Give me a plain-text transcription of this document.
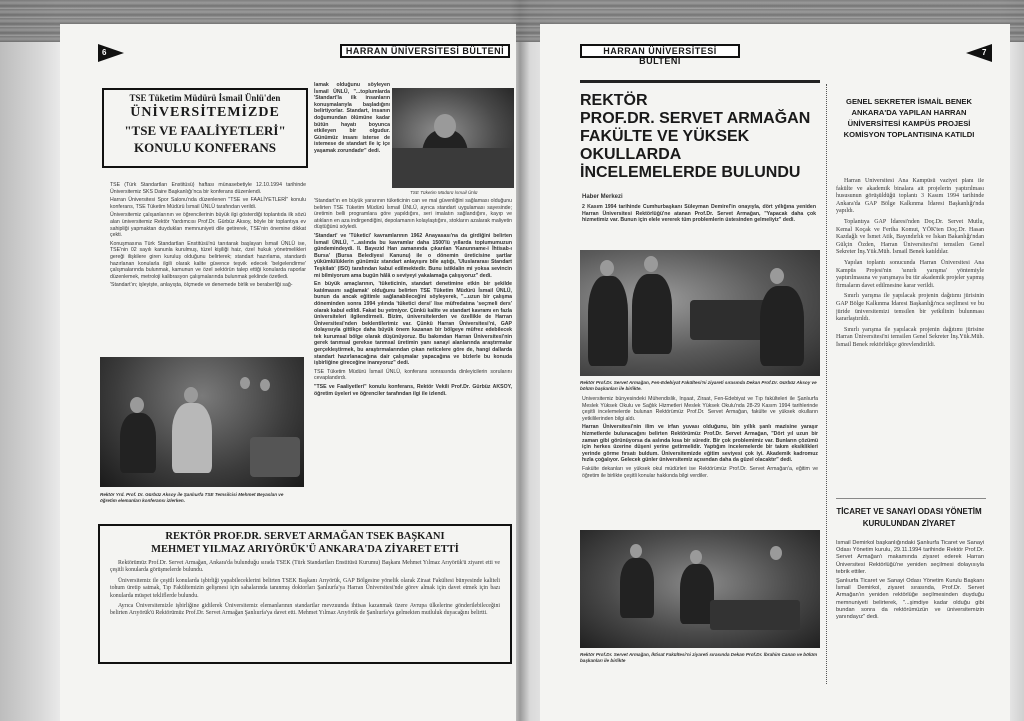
6	HARRAN ÜNİVERSİTESİ BÜLTENİ
TSE Tüketim Müdürü İsmail Ünlü'den
ÜNİVERSİTEMİZDE
"TSE VE FAALİYETLERİ"
KONULU KONFERANS

TSE (Türk Standartları Enstitüsü) haftası münasebetiyle 12.10.1994 tarihinde Üniversitemiz SKS Daire Başkanlığı'nca bir konferans düzenlendi.

Harran Üniversitesi Spor Salonu'nda düzenlenen "TSE ve FAALİYETLERİ" konulu konferans, TSE Tüketim Müdürü İsmail ÜNLÜ tarafından verildi.

Üniversitemiz çalışanlarının ve öğrencilerinin büyük ilgi gösterdiği toplantıda ilk sözü alan üniversitemiz Rektör Yardımcısı Prof.Dr. Gürbüz Aksoy, böyle bir toplantıya ev sahipliği yapmaktan duydukları memnuniyeti dile getirerek, TSE'nin önemine dikkat çekti.

Konuşmasına Türk Standartları Enstitüsü'nü tanıtarak başlayan İsmail ÜNLÜ ise, TSE'nin 02 sayılı kanunla kurulmuş, tüzel kişiliği haiz, özel hukuk yönetmelikleri gereği ilişkilere giren kuruluş olduğunu belirterek; standart hazırlama, standardı hazırlanan konularla ilgili olarak kalite güvence teşvik edecek 'belgelendirme' çalışmalarında bulunmak, kamunun ve özel sektörün talep ettiği konularda raporlar düzenlemek, metroloji kalibrasyon çalışmalarında bulunmak şeklinde özetledi.

'Standart'ın; işleyişte, anlayışta, ölçmede ve denemede birlik ve beraberliği sağ-

TSE Tüketim Müdürü İsmail Ünlü

lamak olduğunu söyleyen İsmail ÜNLÜ, "...toplumlarda 'Standart'la ilk insanların konuşmalarıyla başladığını belirtiyorlar. Standart, insanın doğumundan ölümüne kadar bütün hayatı boyunca etkileyen bir olgudur. Günümüz insanı isterse de istemese de standart ile iç içe yaşamak zorundadır" dedi.

'Standart'ın en büyük yararının tüketicinin can ve mal güvenliğini sağlaması olduğunu belirten TSE Tüketim Müdürü İsmail ÜNLÜ, ayrıca standart uygulaması sayesinde; üretimin belli programlara göre yapıldığını, seri imalatın sağlandığını, kayıp ve atıkların en aza indirgendiğini, depolamanın kolaylaştığını, stokların azalarak maliyetin düştüğünü söyledi.

'Standart' ve 'Tüketici' kavramlarının 1962 Anayasası'na da girdiğini belirten İsmail ÜNLÜ, "...aslında bu kavramlar daha 1500'lü yıllarda toplumumuzun gündemindeydi. II. Bayezid Han zamanında çıkarılan 'Kanunname-i İhtisab-ı Bursa' (Bursa Belediyesi Kanunu) ile o dönemin üreticisine şartlar yükümlülüklerin günümüz standart anlayışını bile aştığı, 'Uluslararası Standart Teşkilatı' (ISO) tarafından kabul edilmektedir. Bunu istiklalin mi yoksa sevincin mi bilmiyorum ama bugün hâlâ o seviyeyi yakalamağa çalışıyoruz" dedi.

En büyük amaçlarının, 'tüketicinin, standart denetimine etkin bir şekilde katılmasını sağlamak' olduğunu belirten TSE Tüketim Müdürü İsmail ÜNLÜ, bunun da ancak eğitimle sağlanabileceğini söyleyerek, "...uzun bir çalışma döneminden sonra 1994 yılında 'tüketici dersi' lise müfredatına 'seçmeli ders' olarak kabul edildi. Fakat bu yetmiyor. Çünkü kalite ve standart kavramı en fazla üniversiteleri ilgilendirmeli. Bizim, üniversitelerden ve özellikle de Harran Üniversitesi'nden beklentilerimiz var. Çünkü Harran Üniversitesi'ni, GAP dolayısıyla gittikçe daha büyük önem kazanan bir bölgeye müfrez edebilecek tek kurumsal bölge olarak düşünüyoruz. Bu bakımdan Harran Üniversitesi'nin gerek tarımsal gerekse tarımsal üretimin yanı sanayi alanlarında araştırmalar gerçekleştirmek, bu araştırmalarından çıkan neticelere göre de, hangi dallarda standart hazırlanacağına dair çalışmalar yapacağına ve bizlerle bu konuda işbirliğine gireceğine inanıyoruz" dedi.

TSE Tüketim Müdürü İsmail ÜNLÜ, konferans sonrasında dinleyicilerin sorularını cevaplandırdı.

"TSE ve Faaliyetleri" konulu konferans, Rektör Vekili Prof.Dr. Gürbüz AKSOY, öğretim üyeleri ve öğrenciler tarafından ilgi ile izlendi.

Rektör Yrd. Prof. Dr. Gürbüz Aksoy ile Şanlıurfa TSE Temsilcisi Mehmet Beyaslan ve öğretim elemanları konferansı izlerken.
REKTÖR PROF.DR. SERVET ARMAĞAN TSEK BAŞKANI
MEHMET YILMAZ ARIYÖRÜK'Ü ANKARA'DA ZİYARET ETTİ

Rektörümüz Prof.Dr. Servet Armağan, Ankara'da bulunduğu sırada TSEK (Türk Standartları Enstitüsü Kurumu) Başkanı Mehmet Yılmaz Arıyörük'ü ziyaret etti ve çeşitli konularda görüşmelerde bulundu.

Üniversitemiz ile çeşitli konularda işbirliği yapabileceklerini belirten TSEK Başkanı Arıyörük, GAP Bölgesine yönelik olarak Ziraat Fakültesi bünyesinde kaliteli tohum üretip satmak, Tıp Fakültemizin gelişmesi için sahalarında tanınmış doktorları Şanlıurfa'ya Harran Üniversitesi'nde görev almak için davet etmek için bazı konularda müspet tekliflerde bulundu.

Ayrıca Üniversitemizle işbirliğine gidilerek Üniversitemiz elemanlarının standartlar mevzuunda ihtisas kazanmak üzere Avrupa ülkelerine gönderilebileceğini belirten Arıyörük'ü Rektörümüz Prof.Dr. Servet Armağan Şanlıurfa'ya davet etti. Mehmet Yılmaz Arıyörük de Şanlıurfa'ya gelmekten mutluluk duyacağını belirtti.

HARRAN ÜNİVERSİTESİ BÜLTENİ
7
REKTÖR
PROF.DR. SERVET ARMAĞAN
FAKÜLTE VE YÜKSEK
OKULLARDA
İNCELEMELERDE BULUNDU
Haber Merkezi
2 Kasım 1994 tarihinde Cumhurbaşkanı Süleyman Demirel'in onayıyla, dört yıllığına yeniden Harran Üniversitesi Rektörlüğü'ne atanan Prof.Dr. Servet Armağan, "Yapacak daha çok hizmetimiz var. Bunun için elele vererek tüm problemlerin üstesinden gelmeliyiz" dedi.
Rektör Prof.Dr. Servet Armağan, Fen-Edebiyat Fakültesi'ni ziyareti sırasında Dekan Prof.Dr. Gürbüz Aksoy ve bölüm başkanları ile birlikte.

Üniversitemiz bünyesindeki Mühendislik, İnşaat, Ziraat, Fen-Edebiyat ve Tıp fakülteleri ile Şanlıurfa Meslek Yüksek Okulu ve Sağlık Hizmetleri Meslek Yüksek Okulu'nda 28-29 Kasım 1994 tarihlerinde çeşitli incelemelerde bulunan Rektörümüz Prof.Dr. Servet Armağan, fakülte ve yüksek okulların yetkililerinden bilgi aldı.

Harran Üniversitesi'nin ilim ve irfan yuvası olduğunu, bin yıllık şanlı mazisine yaraşır hizmetlerde bulunacağını belirten Rektörümüz Prof.Dr. Servet Armağan, "Dört yıl uzun bir zaman gibi görünüyorsa da aslında kısa bir süredir. Bir çok problemimiz var. Bunların çözümü için herkes üzerine düşeni yerine getirmelidir. Yaptığım incelemelerde bir takım eksiklikleri yerinde görme fırsatı buldum. Üniversitemizde eğitim seviyesi çok iyi. Akademik kadromuz hızla çoğalıyor. Gelecek günler üniversitemiz açısından daha da güzel olacaktır" dedi.

Fakülte dekanları ve yüksek okul müdürleri ise Rektörümüz Prof.Dr. Servet Armağan'a, eğitim ve öğretim ile birlikte çeşitli konular hakkında bilgi verdiler.

Rektör Prof.Dr. Servet Armağan, İktisat Fakültesi'ni ziyareti sırasında Dekan Prof.Dr. İbrahim Canan ve bölüm başkanları ile birlikte
GENEL SEKRETER İSMAİL BENEK ANKARA'DA YAPILAN HARRAN ÜNİVERSİTESİ KAMPÜS PROJESİ KOMİSYON TOPLANTISINA KATILDI

Harran Üniversitesi Ana Kampüsü vaziyet planı ile fakülte ve akademik binalara ait projelerin yaptırılması hususunun görüşüldüğü toplantı 3 Kasım 1994 tarihinde Ankara'da GAP Bölge Kalkınma İdaresi Başkanlığı'nda yapıldı.

Toplantıya GAP İdaresi'nden Doç.Dr. Servet Mutlu, Kemal Koçak ve Feriha Komut, YÖK'ten Doç.Dr. Hasan Kazdağlı ve İsmet Atik, Bayındırlık ve İskan Bakanlığı'ndan Gülçin Özden, Harran Üniversitesi'ni temsilen Genel Sekreter İnş.Yük.Müh. İsmail Benek katıldılar.

Yapılan toplantı sonucunda Harran Üniversitesi Ana Kampüs Projesi'nin 'sınırlı yarışma' yöntemiyle yaptırılmasına ve yarışmaya bu tür akademik projeler yapmış firmaların davet edilmesine karar verildi.

Sınırlı yarışma ile yapılacak projenin dağıtımı jürisinin GAP Bölge Kalkınma İdaresi Başkanlığı'nca seçilmesi ve bu jüride üniversitemizi temsilen bir yetkilinin bulunması kararlaştırıldı.

Sınırlı yarışma ile yapılacak projenin dağıtımı jürisine Harran Üniversitesi'ni temsilen Genel Sekreter İnş.Yük.Müh. İsmail Benek rektörlükçe görevlendirildi.

TİCARET VE SANAYİ ODASI YÖNETİM KURULUNDAN ZİYARET

İsmail Demirkol başkanlığındaki Şanlıurfa Ticaret ve Sanayi Odası Yönetim kurulu, 29.11.1994 tarihinde Rektör Prof.Dr. Servet Armağan'ı makamında ziyaret ederek Harran Üniversitesi Rektörlüğü'ne yeniden seçilmesi dolayısıyla tebrik ettiler.

Şanlıurfa Ticaret ve Sanayi Odası Yönetim Kurulu Başkanı İsmail Demirkol, ziyaret sırasında, Prof.Dr. Servet Armağan'ın yeniden rektörlüğe seçilmesinden duyduğu memnuniyeti belirterek, "...şimdiye kadar olduğu gibi bundan sonra da rektörümüzün ve üniversitemizin yanındayız" dedi.
